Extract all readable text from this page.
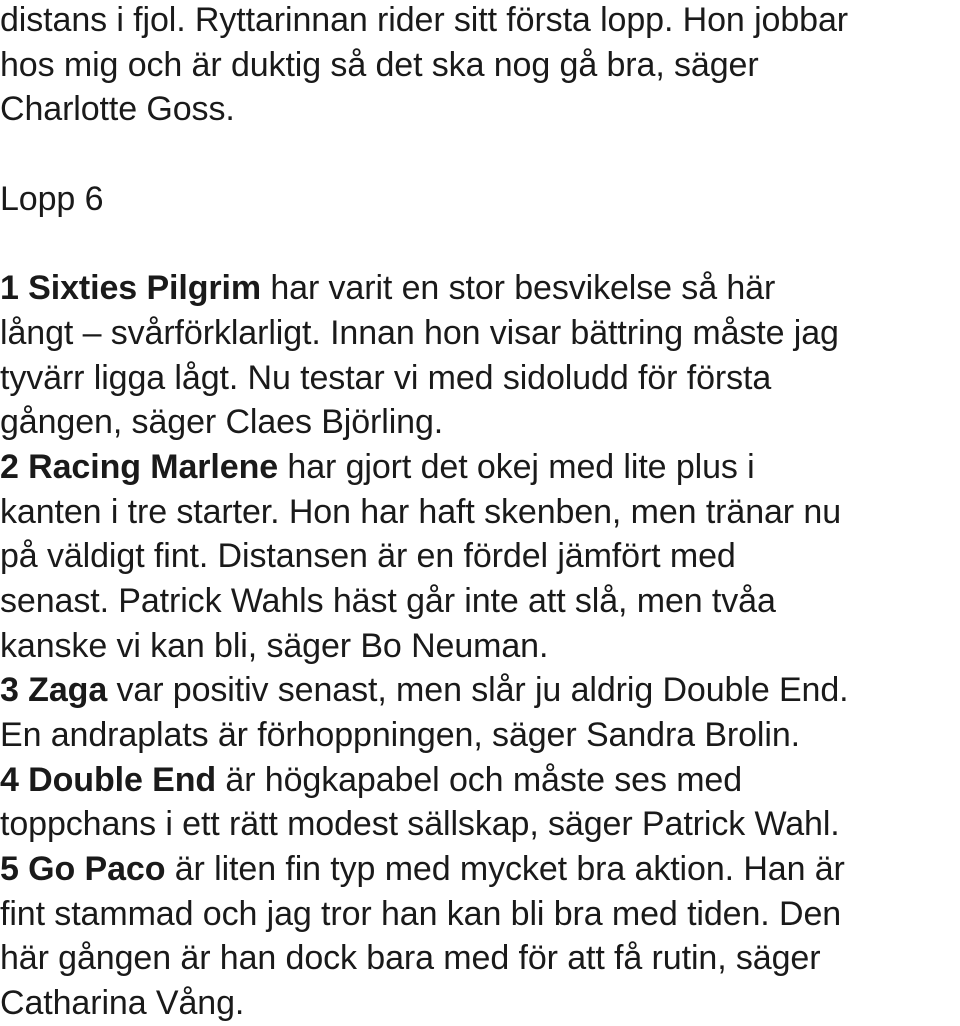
distans i fjol. Ryttarinnan rider sitt första lopp. Hon jobbar
hos mig och är duktig så det ska nog gå bra, säger
Charlotte Goss.
Lopp 6
1 Sixties Pilgrim har varit en stor besvikelse så här
långt – svårförklarligt. Innan hon visar bättring måste jag
tyvärr ligga lågt. Nu testar vi med sidoludd för första
gången, säger Claes Björling.
2 Racing Marlene har gjort det okej med lite plus i
kanten i tre starter. Hon har haft skenben, men tränar nu
på väldigt fint. Distansen är en fördel jämfört med
senast. Patrick Wahls häst går inte att slå, men tvåa
kanske vi kan bli, säger Bo Neuman.
3 Zaga var positiv senast, men slår ju aldrig Double End.
En andraplats är förhoppningen, säger Sandra Brolin.
4 Double End är högkapabel och måste ses med
toppchans i ett rätt modest sällskap, säger Patrick Wahl.
5 Go Paco är liten fin typ med mycket bra aktion. Han är
fint stammad och jag tror han kan bli bra med tiden. Den
här gången är han dock bara med för att få rutin, säger
Catharina Vång.
